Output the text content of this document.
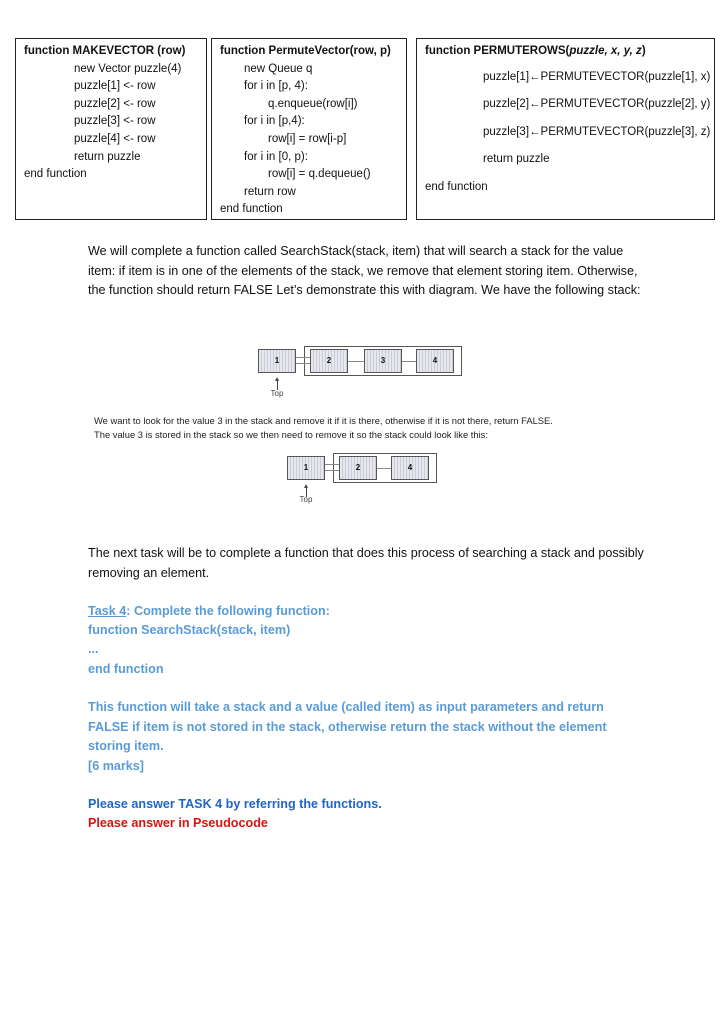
function MAKEVECTOR (row)
new Vector puzzle(4)
puzzle[1] <- row
puzzle[2] <- row
puzzle[3] <- row
puzzle[4] <- row
return puzzle
end function
function PermuteVector(row, p)
new Queue q
for i in [p, 4):
q.enqueue(row[i])
for i in [p,4):
row[i] = row[i-p]
for i in [0, p):
row[i] = q.dequeue()
return row
end function
function PERMUTEROWS(puzzle, x, y, z)
puzzle[1]←PERMUTEVECTOR(puzzle[1], x)
puzzle[2]←PERMUTEVECTOR(puzzle[2], y)
puzzle[3]←PERMUTEVECTOR(puzzle[3], z)
return puzzle
end function
We will complete a function called SearchStack(stack, item) that will search a stack for the value item: if item is in one of the elements of the stack, we remove that element storing item. Otherwise, the function should return FALSE Let’s demonstrate this with diagram. We have the following stack:
1	2	3	4
Top
We want to look for the value 3 in the stack and remove it if it is there, otherwise if it is not there, return FALSE.
The value 3 is stored in the stack so we then need to remove it so the stack could look like this:
1	2	4
Top
The next task will be to complete a function that does this process of searching a stack and possibly removing an element.
Task 4: Complete the following function:
function SearchStack(stack, item)
...
end function
This function will take a stack and a value (called item) as input parameters and return FALSE if item is not stored in the stack, otherwise return the stack without the element storing item.
[6 marks]
Please answer TASK 4 by referring the functions.
Please answer in Pseudocode
